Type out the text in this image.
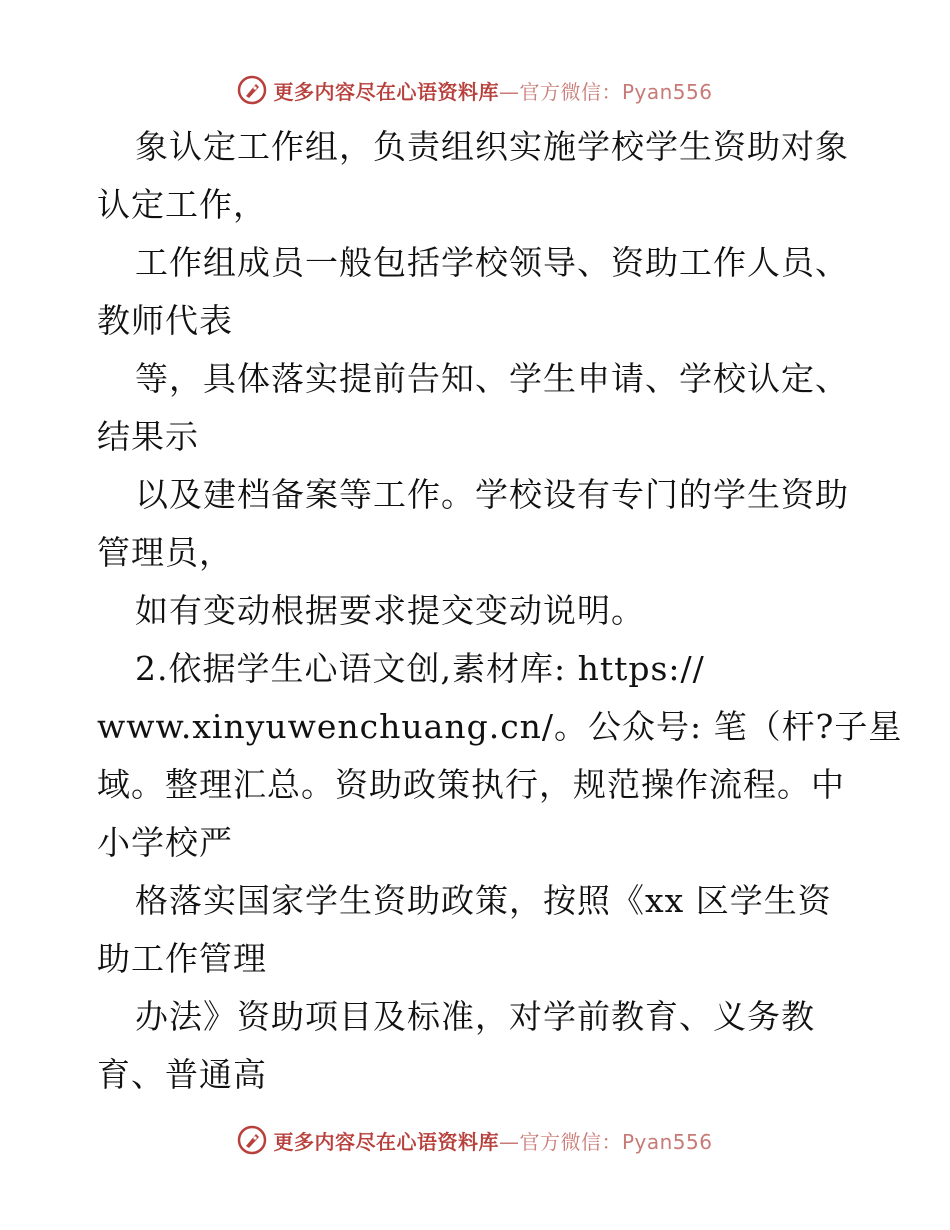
更多内容尽在心语资料库 —官方微信：Pyan556
象认定工作组，负责组织实施学校学生资助对象
认定工作，
工作组成员一般包括学校领导、资助工作人员、
教师代表
等，具体落实提前告知、学生申请、学校认定、
结果示
以及建档备案等工作。学校设有专门的学生资助
管理员，
如有变动根据要求提交变动说明。
2.依据学生心语文创,素材库: https://
www.xinyuwenchuang.cn/。公众号: 笔（杆?子星
域。整理汇总。资助政策执行，规范操作流程。中
小学校严
格落实国家学生资助政策，按照《xx 区学生资
助工作管理
办法》资助项目及标准，对学前教育、义务教
育、普通高
更多内容尽在心语资料库 —官方微信：Pyan556
